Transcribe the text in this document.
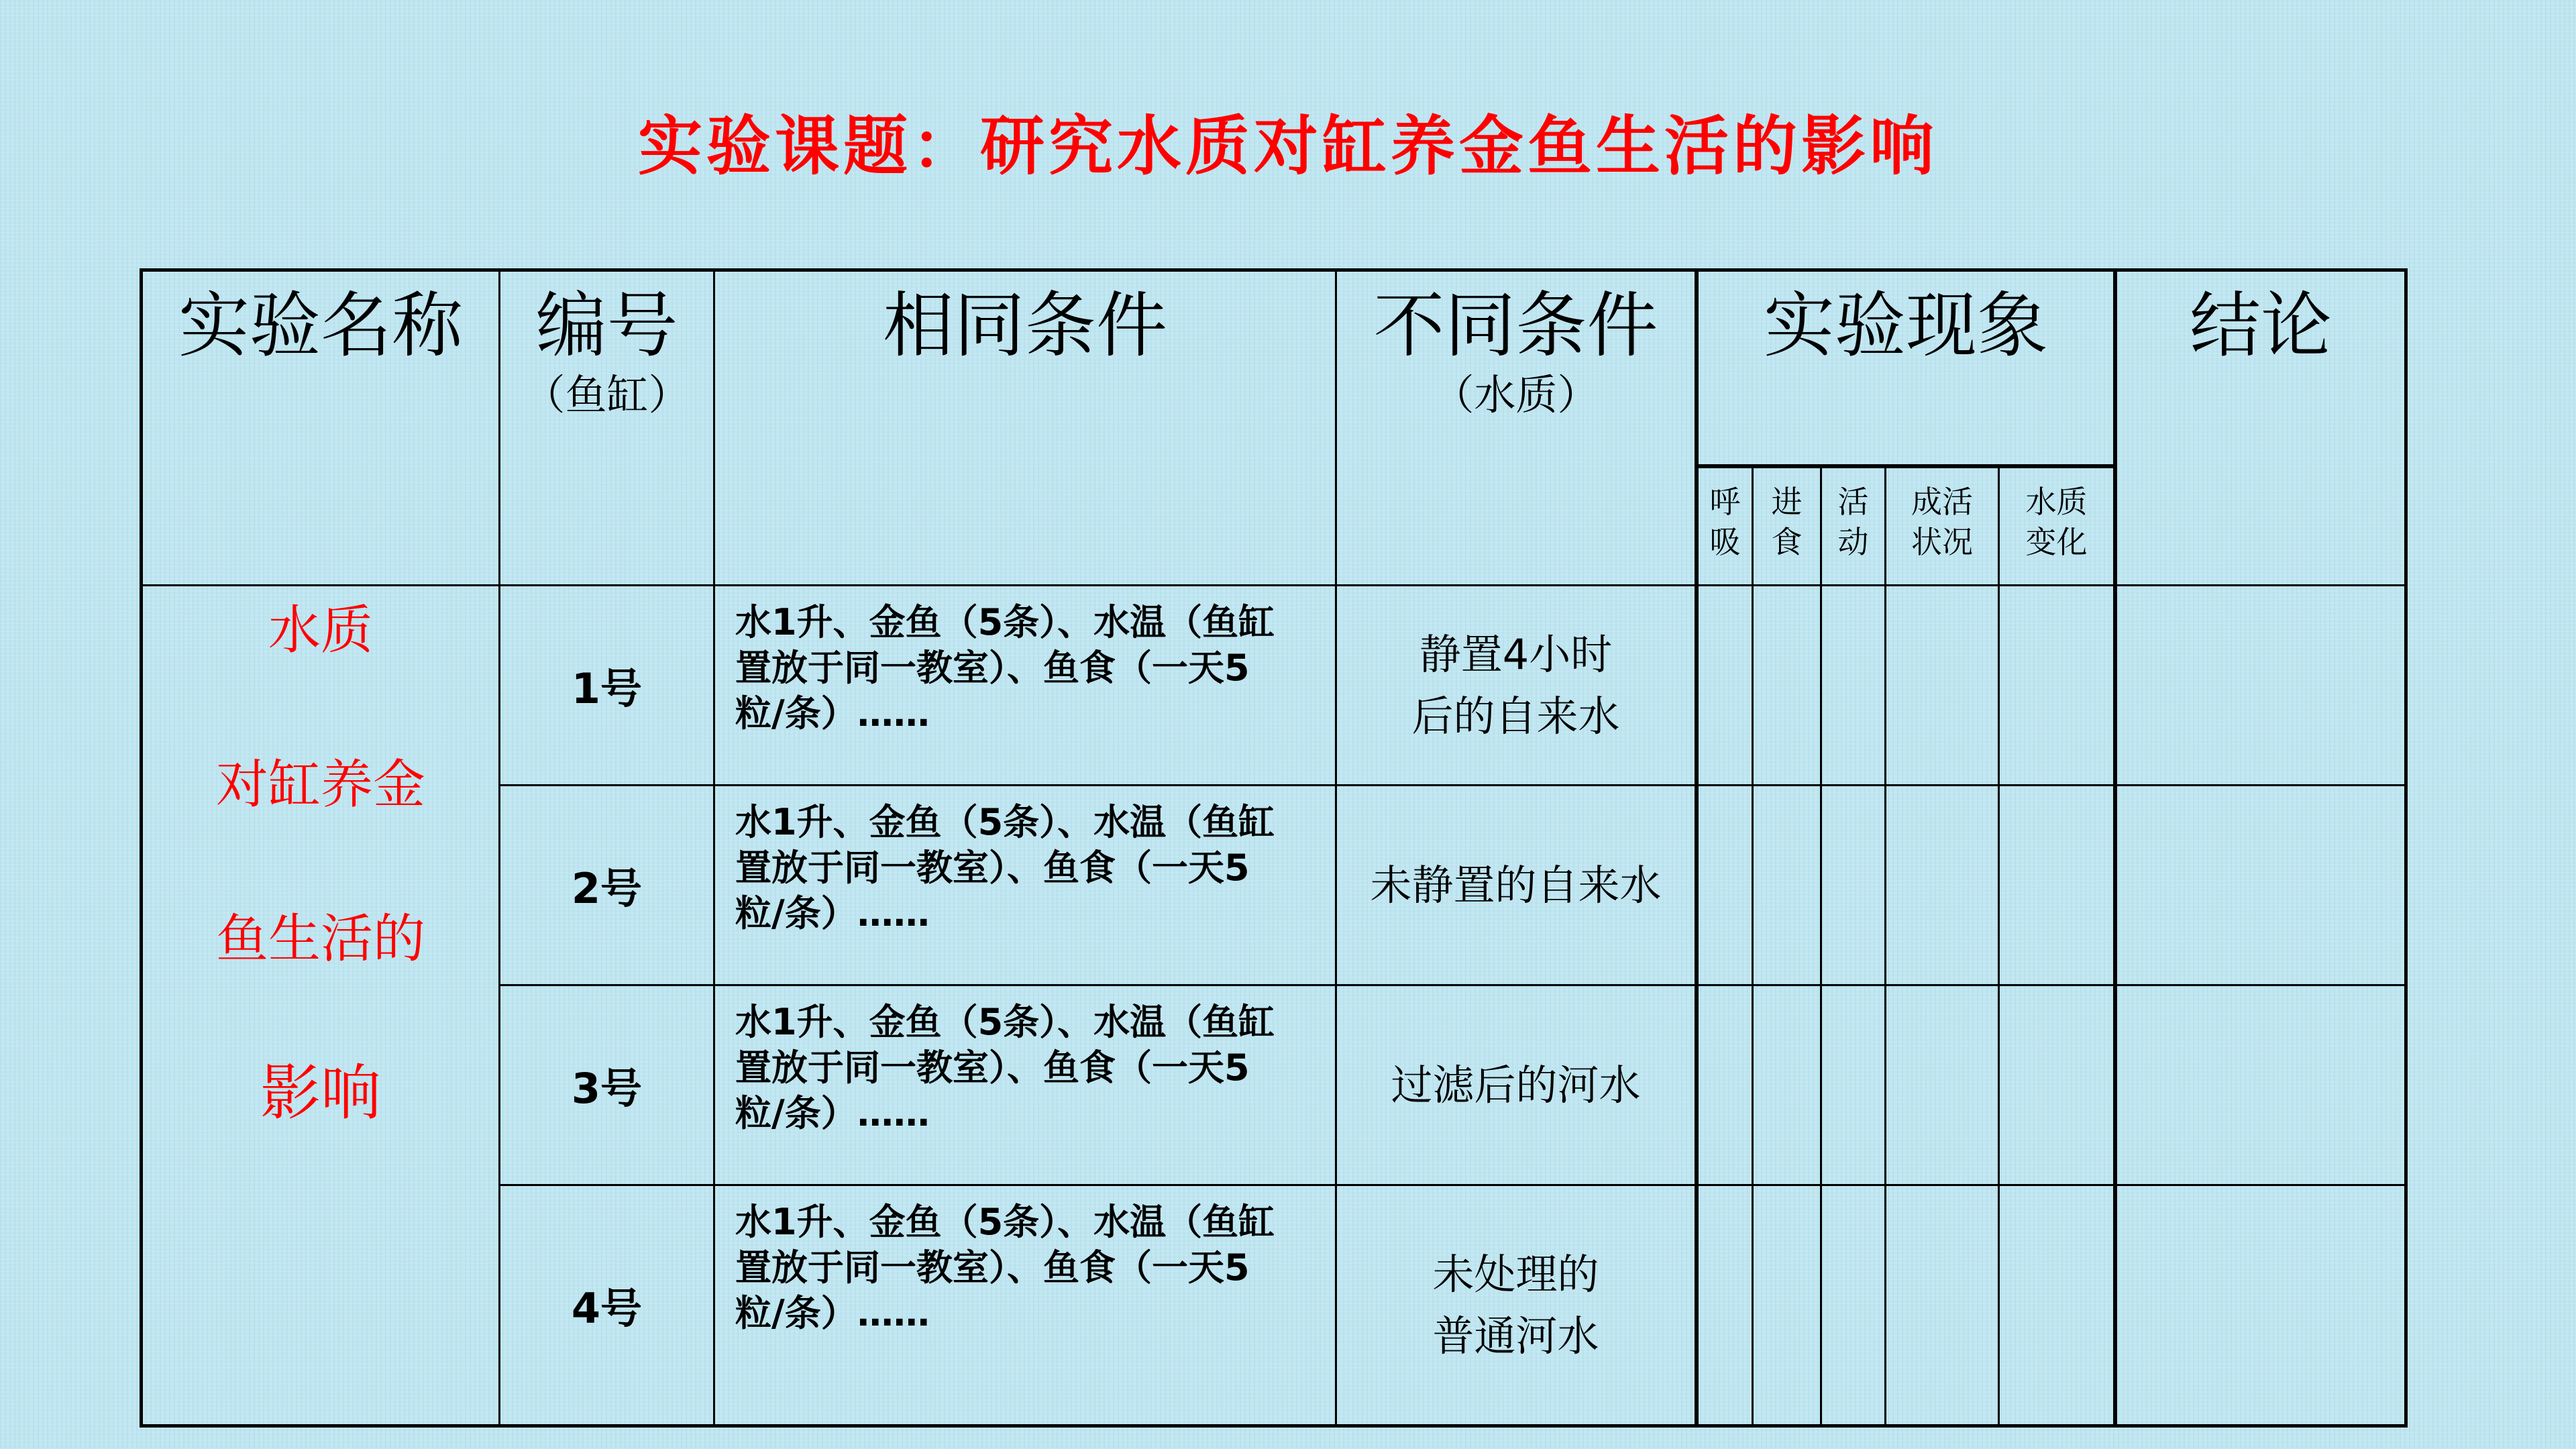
实验课题：研究水质对缸养金鱼生活的影响
实验名称 编号
（鱼缸）
相同条件	不同条件
（水质）
实验现象 结论
呼
吸
进
食
活
动
成活
状况
水质
变化
水质
对缸养金
鱼生活的
影响
1号
水1升、金鱼（5条）、水温（鱼缸
置放于同一教室）、鱼食（一天5
粒/条）……
静置4小时
后的自来水
2号
水1升、金鱼（5条）、水温（鱼缸
置放于同一教室）、鱼食（一天5
粒/条）……
未静置的自来水
3号
水1升、金鱼（5条）、水温（鱼缸
置放于同一教室）、鱼食（一天5
粒/条）……
过滤后的河水
4号
水1升、金鱼（5条）、水温（鱼缸
置放于同一教室）、鱼食（一天5
粒/条）……
未处理的
普通河水
